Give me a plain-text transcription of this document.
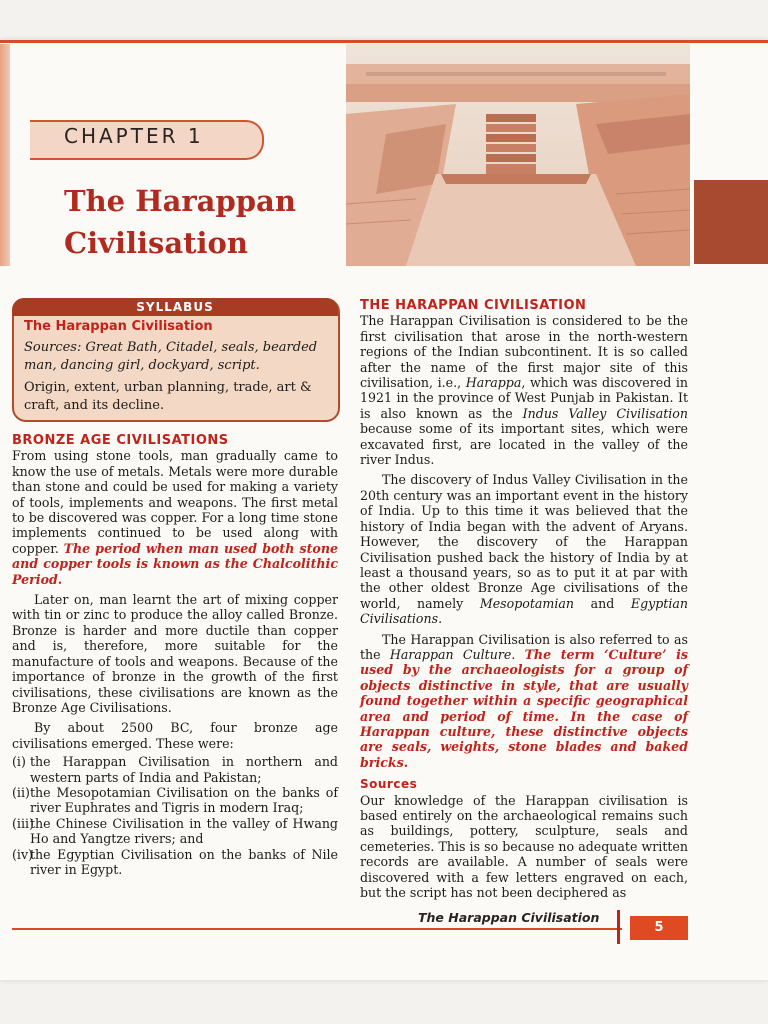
CHAPTER 1
The Harappan Civilisation
SYLLABUS
The Harappan Civilisation
Sources: Great Bath, Citadel, seals, bearded man, dancing girl, dockyard, script.
Origin, extent, urban planning, trade, art & craft, and its decline.

BRONZE AGE CIVILISATIONS

From using stone tools, man gradually came to know the use of metals. Metals were more durable than stone and could be used for making a variety of tools, implements and weapons. The first metal to be discovered was copper. For a long time stone implements continued to be used along with copper. The period when man used both stone and copper tools is known as the Chalcolithic Period.

Later on, man learnt the art of mixing copper with tin or zinc to produce the alloy called Bronze. Bronze is harder and more ductile than copper and is, therefore, more suitable for the manufacture of tools and weapons. Because of the importance of bronze in the growth of the first civilisations, these civilisations are known as the Bronze Age Civilisations.

By about 2500 BC, four bronze age civilisations emerged. These were:

(i) the Harappan Civilisation in northern and western parts of India and Pakistan;
(ii) the Mesopotamian Civilisation on the banks of river Euphrates and Tigris in modern Iraq;
(iii)
the Chinese Civilisation in the valley of Hwang Ho and Yangtze rivers; and
(iv)
the Egyptian Civilisation on the banks of Nile river in Egypt.

THE HARAPPAN CIVILISATION

The Harappan Civilisation is considered to be the first civilisation that arose in the north-western regions of the Indian subcontinent. It is so called after the name of the first major site of this civilisation, i.e., Harappa, which was discovered in 1921 in the province of West Punjab in Pakistan. It is also known as the Indus Valley Civilisation because some of its important sites, which were excavated first, are located in the valley of the river Indus.

The discovery of Indus Valley Civilisation in the 20th century was an important event in the history of India. Up to this time it was believed that the history of India began with the advent of Aryans. However, the discovery of the Harappan Civilisation pushed back the history of India by at least a thousand years, so as to put it at par with the other oldest Bronze Age civilisations of the world, namely Mesopotamian and Egyptian Civilisations.

The Harappan Civilisation is also referred to as the Harappan Culture. The term ‘Culture’ is used by the archaeologists for a group of objects distinctive in style, that are usually found together within a specific geographical area and period of time. In the case of Harappan culture, these distinctive objects are seals, weights, stone blades and baked bricks.

Sources

Our knowledge of the Harappan civilisation is based entirely on the archaeological remains such as buildings, pottery, sculpture, seals and cemeteries. This is so because no adequate written records are available. A number of seals were discovered with a few letters engraved on each, but the script has not been deciphered as

The Harappan Civilisation
5
